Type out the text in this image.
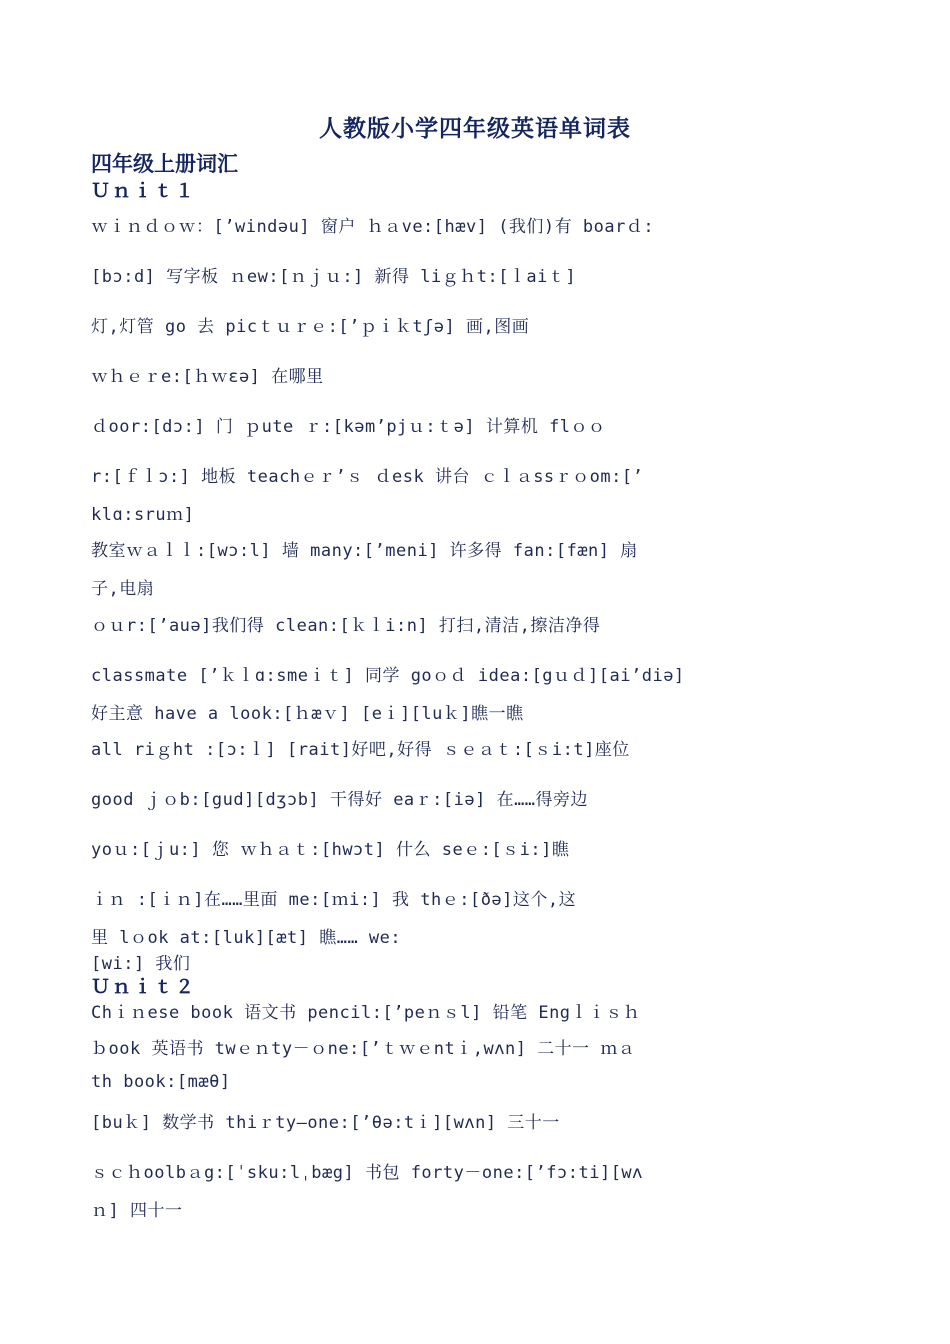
人教版小学四年级英语单词表
四年级上册词汇
Ｕｎｉｔ１
ｗｉｎｄｏｗ：[’windəu] 窗户 ｈａve:[hæv] (我们)有 boarｄ:
[bɔ:d] 写字板 ｎew:[ｎｊｕ:] 新得 liｇｈt:[ｌaiｔ]
灯,灯管 go 去 picｔｕｒｅ:[’ｐｉｋtʃə] 画,图画
ｗｈｅｒe:[ｈｗɛə] 在哪里
ｄoor:[dɔ:] 门 ｐute ｒ:[kəm’pjｕ:ｔə] 计算机 flｏｏ
r:[ｆｌɔ:] 地板 teachｅｒ’ｓ ｄesk 讲台 ｃｌａssｒｏom:[’
klɑ:sruｍ]
教室ｗａｌｌ:[wɔ:l] 墙 many:[’meni] 许多得 fan:[fæn] 扇
子,电扇
ｏｕr:[’auə]我们得 clean:[ｋｌi:n] 打扫,清洁,擦洁净得
classmate [’ｋｌɑ:smeｉｔ] 同学 goｏｄ idea:[gｕｄ][ai’diə]
好主意 have a look:[ｈæｖ] [eｉ][luｋ]瞧一瞧
all riｇht :[ɔ:ｌ] [rait]好吧,好得 ｓｅａｔ:[ｓi:t]座位
good ｊｏb:[gud][dʒɔb] 干得好 eaｒ:[iə] 在……得旁边
yoｕ:[ｊu:] 您 ｗｈａｔ:[hwɔt] 什么 seｅ:[ｓi:]瞧
ｉｎ :[ｉｎ]在……里面 me:[ｍi:] 我 thｅ:[ðə]这个,这
里 lｏok at:[luk][æt] 瞧…… we:
[wi:] 我们
Ｕｎｉｔ２
Chｉｎese book 语文书 pencil:[’peｎｓl] 铅笔 Engｌｉｓｈ
ｂook 英语书 twｅｎty－ｏne:[’ｔｗｅntｉ,wʌn] 二十一 ｍａ
th book:[mæθ]
[buｋ] 数学书 thiｒty—one:[’θə:tｉ][wʌn] 三十一
ｓｃｈoolbａg:[ˈsku:lˌbæg] 书包 forty－one:[’fɔ:ti][wʌ
ｎ] 四十一
